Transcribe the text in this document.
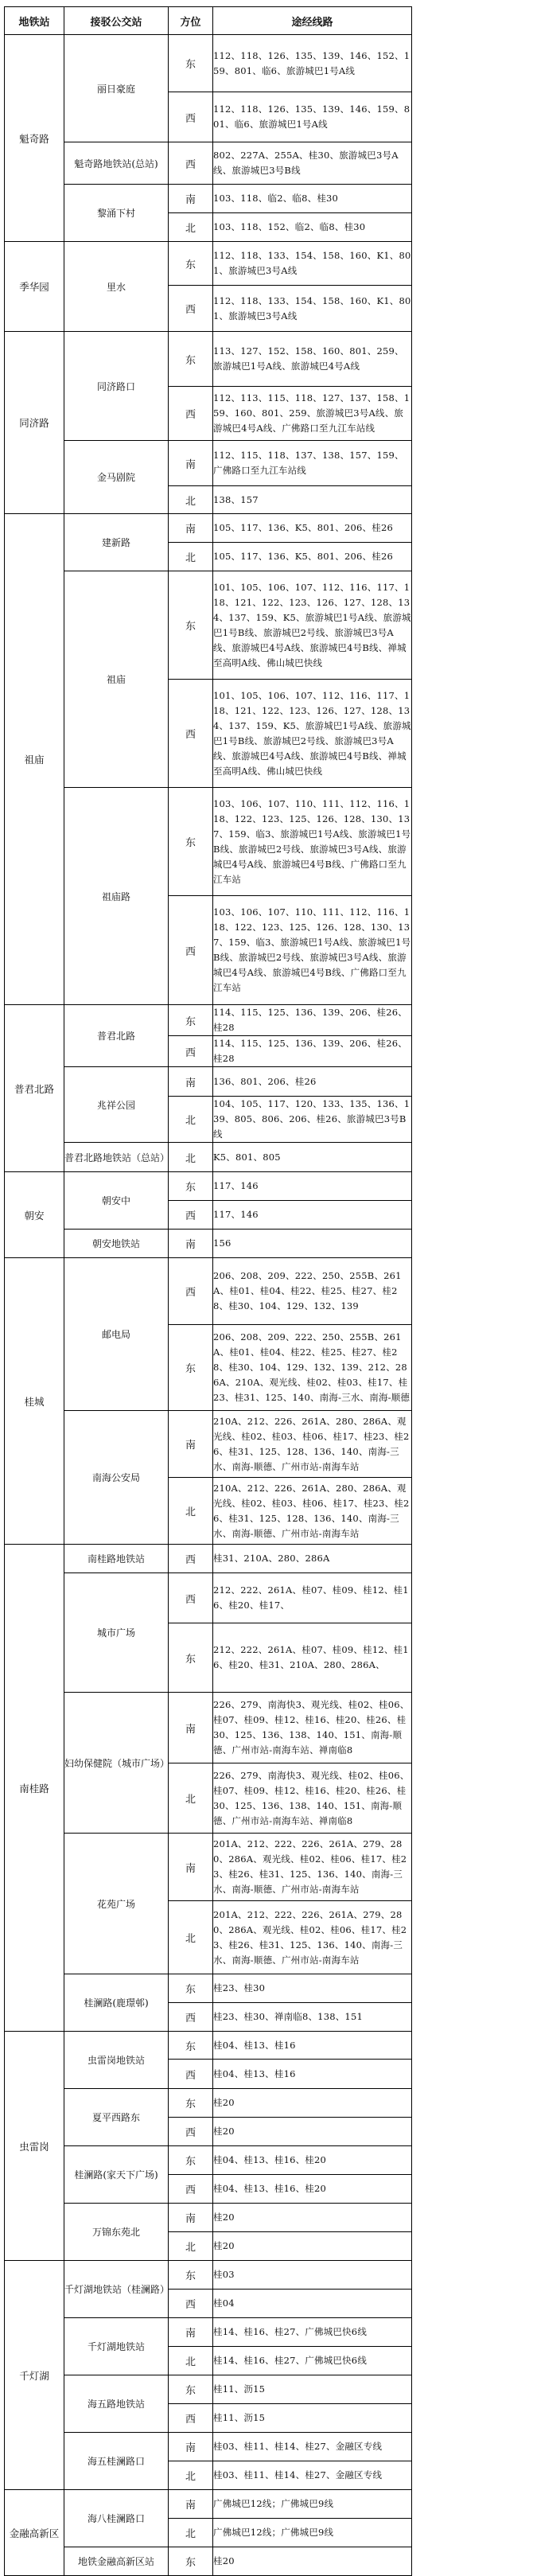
地铁站	接驳公交站	方位	途经线路
魁奇路	丽日豪庭	东	112、118、126、135、139、146、152、159、801、临6、旅游城巴1号A线
		西	112、118、126、135、139、146、159、801、临6、旅游城巴1号A线
	魁奇路地铁站(总站)	西	802、227A、255A、桂30、旅游城巴3号A线、旅游城巴3号B线
	黎涌下村	南	103、118、临2、临8、桂30
		北	103、118、152、临2、临8、桂30
季华园	里水	东	112、118、133、154、158、160、K1、801、旅游城巴3号A线
		西	112、118、133、154、158、160、K1、801、旅游城巴3号A线
同济路	同济路口	东	113、127、152、158、160、801、259、旅游城巴1号A线、旅游城巴4号A线
		西	112、113、115、118、127、137、158、159、160、801、259、旅游城巴3号A线、旅游城巴4号A线、广佛路口至九江车站线
	金马剧院	南	112、115、118、137、138、157、159、广佛路口至九江车站线
		北	138、157
祖庙	建新路	南	105、117、136、K5、801、206、桂26
		北	105、117、136、K5、801、206、桂26
	祖庙	东	101、105、106、107、112、116、117、118、121、122、123、126、127、128、134、137、159、K5、旅游城巴1号A线、旅游城巴1号B线、旅游城巴2号线、旅游城巴3号A线、旅游城巴4号A线、旅游城巴4号B线、禅城至高明A线、佛山城巴快线
		西	101、105、106、107、112、116、117、118、121、122、123、126、127、128、134、137、159、K5、旅游城巴1号A线、旅游城巴1号B线、旅游城巴2号线、旅游城巴3号A线、旅游城巴4号A线、旅游城巴4号B线、禅城至高明A线、佛山城巴快线
	祖庙路	东	103、106、107、110、111、112、116、118、122、123、125、126、128、130、137、159、临3、旅游城巴1号A线、旅游城巴1号B线、旅游城巴2号线、旅游城巴3号A线、旅游城巴4号A线、旅游城巴4号B线、广佛路口至九江车站
		西	103、106、107、110、111、112、116、118、122、123、125、126、128、130、137、159、临3、旅游城巴1号A线、旅游城巴1号B线、旅游城巴2号线、旅游城巴3号A线、旅游城巴4号A线、旅游城巴4号B线、广佛路口至九江车站
普君北路	普君北路	东	114、115、125、136、139、206、桂26、桂28
		西	114、115、125、136、139、206、桂26、桂28
	兆祥公园	南	136、801、206、桂26
		北	104、105、117、120、133、135、136、139、805、806、206、桂26、旅游城巴3号B线
	普君北路地铁站（总站）	北	K5、801、805
朝安	朝安中	东	117、146
		西	117、146
	朝安地铁站	南	156
桂城	邮电局	西	206、208、209、222、250、255B、261A、桂01、桂04、桂22、桂25、桂27、桂28、桂30、104、129、132、139
		东	206、208、209、222、250、255B、261A、桂01、桂04、桂22、桂25、桂27、桂28、桂30、104、129、132、139、212、286A、210A、观光线、桂02、桂03、桂17、桂23、桂31、125、140、南海-三水、南海-顺德
	南海公安局	南	210A、212、226、261A、280、286A、观光线、桂02、桂03、桂06、桂17、桂23、桂26、桂31、125、128、136、140、南海-三水、南海-顺德、广州市站-南海车站
		北	210A、212、226、261A、280、286A、观光线、桂02、桂03、桂06、桂17、桂23、桂26、桂31、125、128、136、140、南海-三水、南海-顺德、广州市站-南海车站
南桂路	南桂路地铁站	西	桂31、210A、280、286A
	城市广场	西	212、222、261A、桂07、桂09、桂12、桂16、桂20、桂17、
		东	212、222、261A、桂07、桂09、桂12、桂16、桂20、桂31、210A、280、286A、
	妇幼保健院（城市广场）	南	226、279、南海快3、观光线、桂02、桂06、桂07、桂09、桂12、桂16、桂20、桂26、桂30、125、136、138、140、151、南海-顺德、广州市站-南海车站、禅南临8
		北	226、279、南海快3、观光线、桂02、桂06、桂07、桂09、桂12、桂16、桂20、桂26、桂30、125、136、138、140、151、南海-顺德、广州市站-南海车站、禅南临8
	花苑广场	南	201A、212、222、226、261A、279、280、286A、观光线、桂02、桂06、桂17、桂23、桂26、桂31、125、136、140、南海-三水、南海-顺德、广州市站-南海车站
		北	201A、212、222、226、261A、279、280、286A、观光线、桂02、桂06、桂17、桂23、桂26、桂31、125、136、140、南海-三水、南海-顺德、广州市站-南海车站
	桂澜路(鹿璟邨)	东	桂23、桂30
		西	桂23、桂30、禅南临8、138、151
虫雷岗	虫雷岗地铁站	东	桂04、桂13、桂16
		西	桂04、桂13、桂16
	夏平西路东	东	桂20
		西	桂20
	桂澜路(家天下广场)	东	桂04、桂13、桂16、桂20
		西	桂04、桂13、桂16、桂20
	万锦东苑北	南	桂20
		北	桂20
千灯湖	千灯湖地铁站（桂澜路）	东	桂03
		西	桂04
	千灯湖地铁站	南	桂14、桂16、桂27、广佛城巴快6线
		北	桂14、桂16、桂27、广佛城巴快6线
	海五路地铁站	东	桂11、沥15
		西	桂11、沥15
	海五桂澜路口	南	桂03、桂11、桂14、桂27、金融区专线
		北	桂03、桂11、桂14、桂27、金融区专线
金融高新区	海八桂澜路口	南	广佛城巴12线；广佛城巴9线
		北	广佛城巴12线；广佛城巴9线
	地铁金融高新区站	东	桂20
